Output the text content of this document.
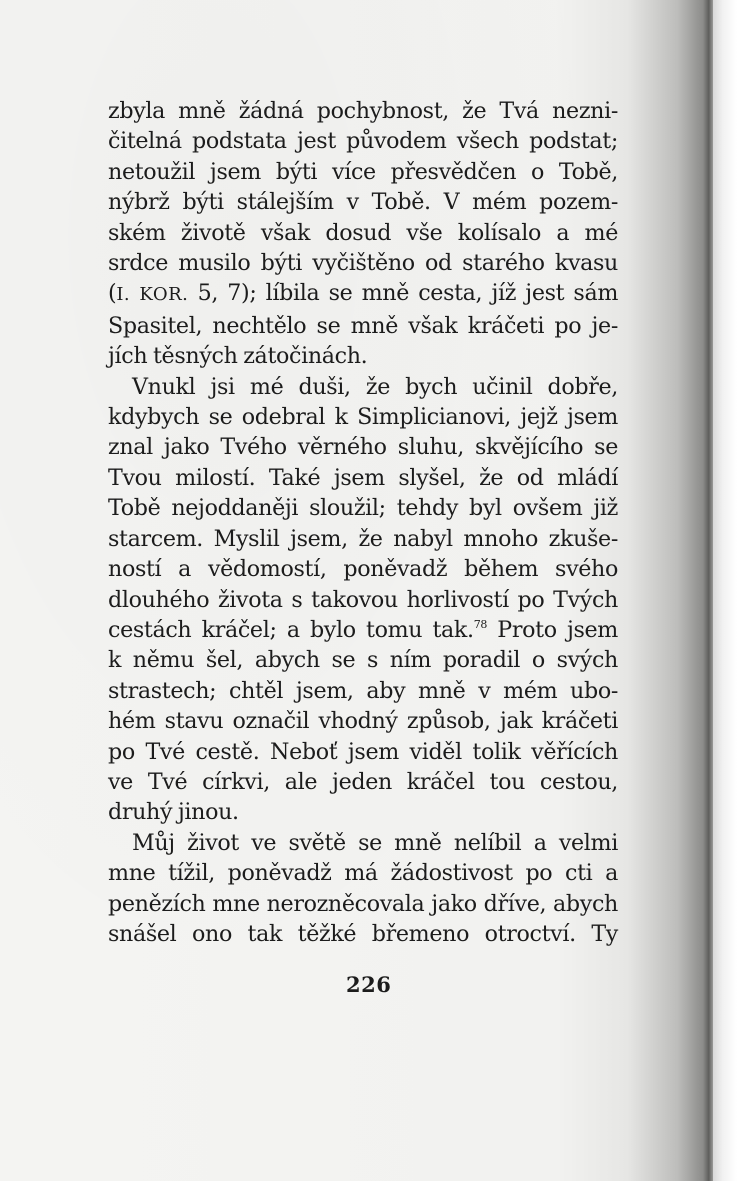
zbyla mně žádná pochybnost, že Tvá nezni-
čitelná podstata jest původem všech podstat;
netoužil jsem býti více přesvědčen o Tobě,
nýbrž býti stálejším v Tobě. V mém pozem-
ském životě však dosud vše kolísalo a mé
srdce musilo býti vyčištěno od starého kvasu
(I. KOR. 5, 7); líbila se mně cesta, jíž jest sám
Spasitel, nechtělo se mně však kráčeti po je-
jích těsných zátočinách.
Vnukl jsi mé duši, že bych učinil dobře,
kdybych se odebral k Simplicianovi, jejž jsem
znal jako Tvého věrného sluhu, skvějícího se
Tvou milostí. Také jsem slyšel, že od mládí
Tobě nejoddaněji sloužil; tehdy byl ovšem již
starcem. Myslil jsem, že nabyl mnoho zkuše-
ností a vědomostí, poněvadž během svého
dlouhého života s takovou horlivostí po Tvých
cestách kráčel; a bylo tomu tak.$^{78}$ Proto jsem
k němu šel, abych se s ním poradil o svých
strastech; chtěl jsem, aby mně v mém ubo-
hém stavu označil vhodný způsob, jak kráčeti
po Tvé cestě. Neboť jsem viděl tolik věřících
ve Tvé církvi, ale jeden kráčel tou cestou,
druhý jinou.
Můj život ve světě se mně nelíbil a velmi
mne tížil, poněvadž má žádostivost po cti a
penězích mne nerozněcovala jako dříve, abych
snášel ono tak těžké břemeno otroctví. Ty
226
